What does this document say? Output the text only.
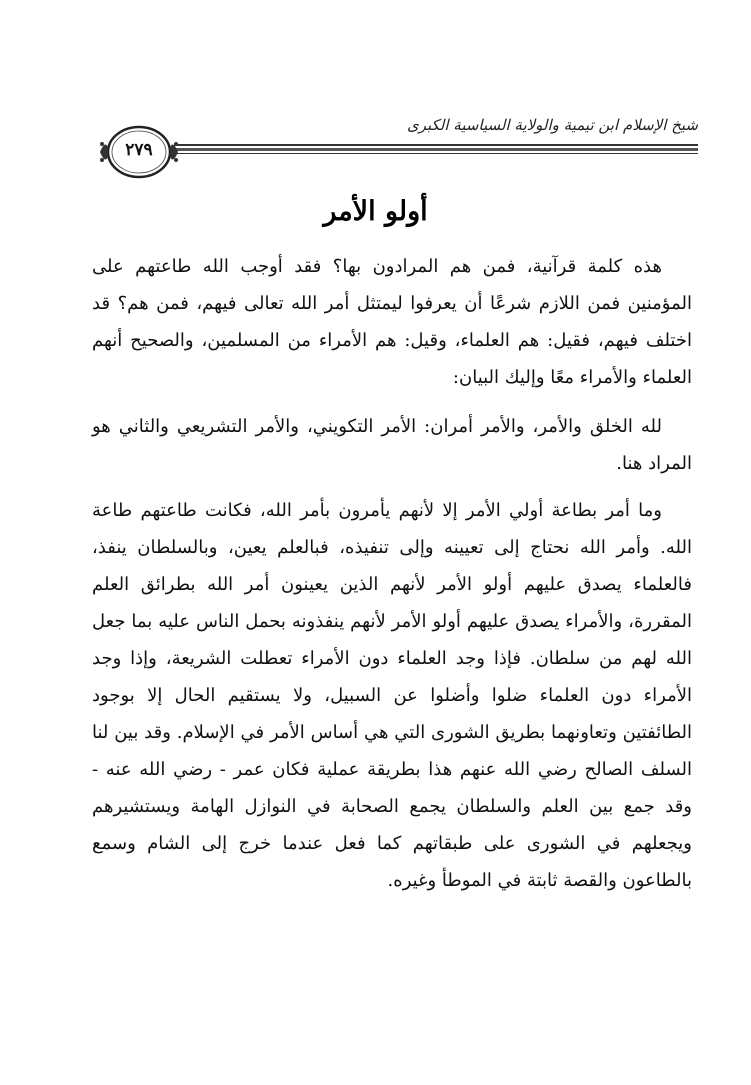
شيخ الإسلام ابن تيمية والولاية السياسية الكبرى
٢٧٩
أولو الأمر

هذه كلمة قرآنية، فمن هم المرادون بها؟ فقد أوجب الله طاعتهم على المؤمنين فمن اللازم شرعًا أن يعرفوا ليمتثل أمر الله تعالى فيهم، فمن هم؟ قد اختلف فيهم، فقيل: هم العلماء، وقيل: هم الأمراء من المسلمين، والصحيح أنهم العلماء والأمراء معًا وإليك البيان:

لله الخلق والأمر، والأمر أمران: الأمر التكويني، والأمر التشريعي والثاني هو المراد هنا.

وما أمر بطاعة أولي الأمر إلا لأنهم يأمرون بأمر الله، فكانت طاعتهم طاعة الله. وأمر الله نحتاج إلى تعيينه وإلى تنفيذه، فبالعلم يعين، وبالسلطان ينفذ، فالعلماء يصدق عليهم أولو الأمر لأنهم الذين يعينون أمر الله بطرائق العلم المقررة، والأمراء يصدق عليهم أولو الأمر لأنهم ينفذونه بحمل الناس عليه بما جعل الله لهم من سلطان. فإذا وجد العلماء دون الأمراء تعطلت الشريعة، وإذا وجد الأمراء دون العلماء ضلوا وأضلوا عن السبيل، ولا يستقيم الحال إلا بوجود الطائفتين وتعاونهما بطريق الشورى التي هي أساس الأمر في الإسلام. وقد بين لنا السلف الصالح رضي الله عنهم هذا بطريقة عملية فكان عمر - رضي الله عنه - وقد جمع بين العلم والسلطان يجمع الصحابة في النوازل الهامة ويستشيرهم ويجعلهم في الشورى على طبقاتهم كما فعل عندما خرج إلى الشام وسمع بالطاعون والقصة ثابتة في الموطأ وغيره.
